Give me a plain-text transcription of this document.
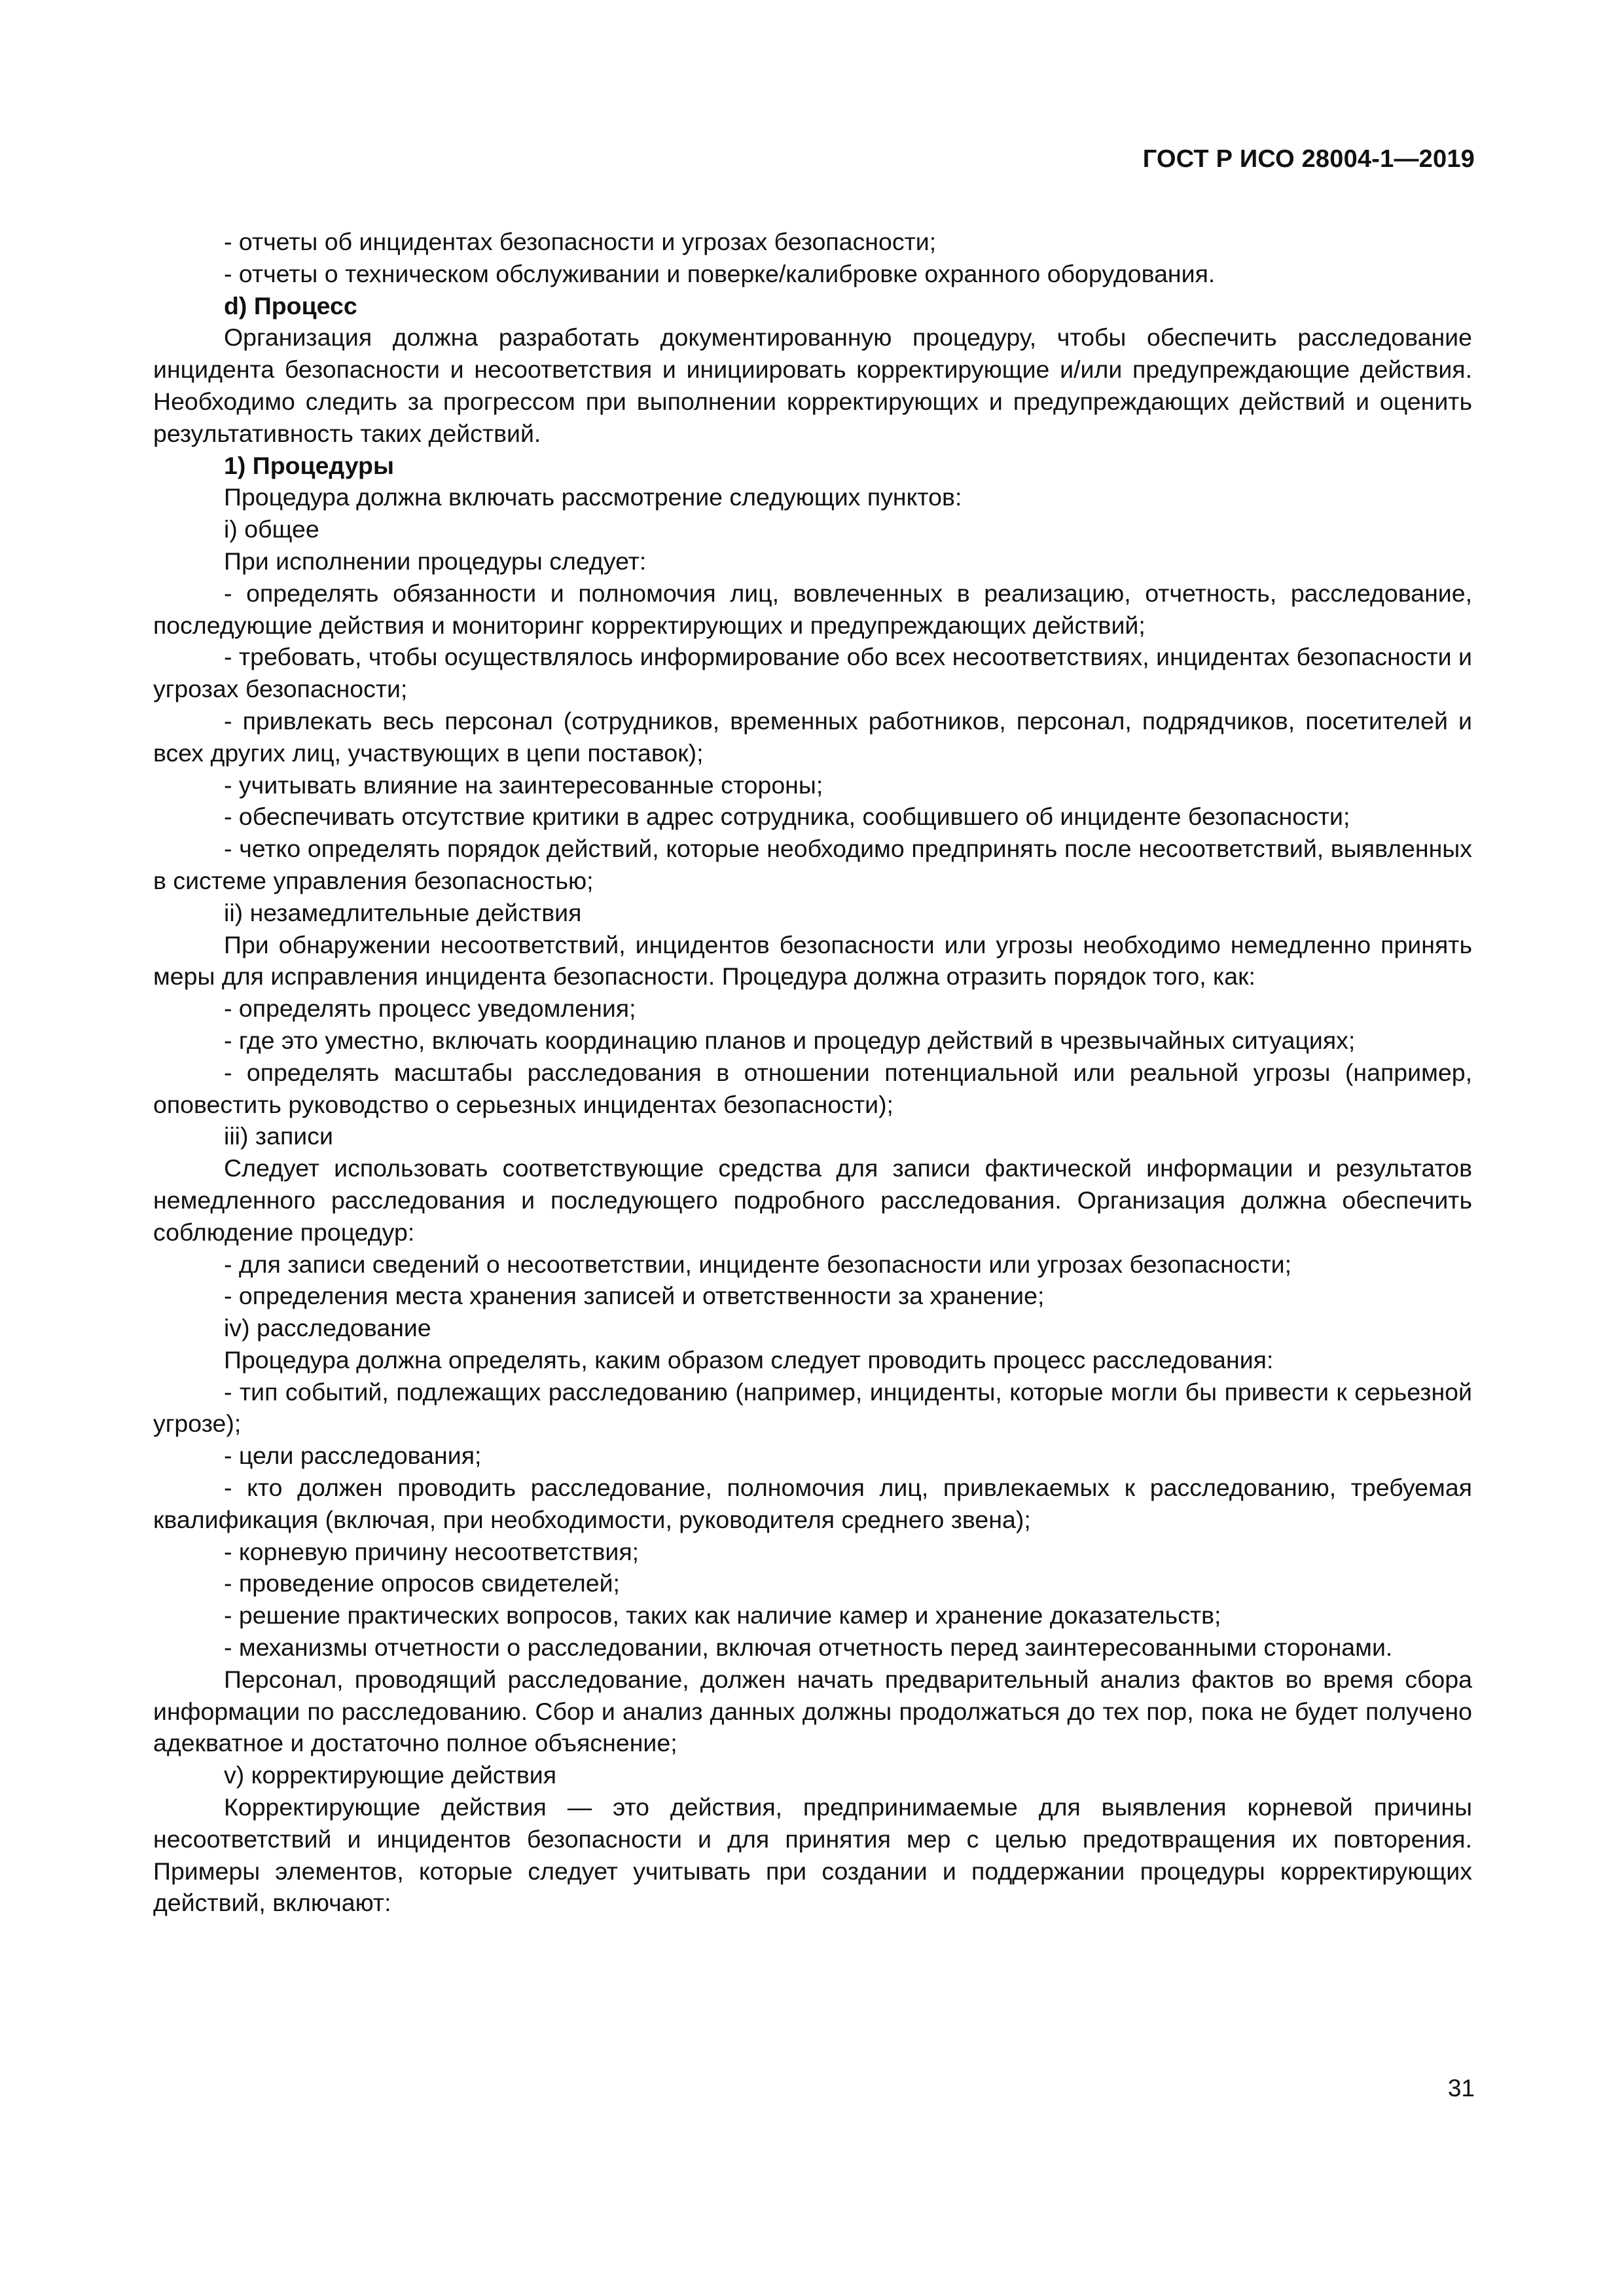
ГОСТ Р ИСО 28004-1—2019

- отчеты об инцидентах безопасности и угрозах безопасности;

- отчеты о техническом обслуживании и поверке/калибровке охранного оборудования.

d) Процесс

Организация должна разработать документированную процедуру, чтобы обеспечить расследование инцидента безопасности и несоответствия и инициировать корректирующие и/или предупреждающие действия. Необходимо следить за прогрессом при выполнении корректирующих и предупреждающих действий и оценить результативность таких действий.

1) Процедуры

Процедура должна включать рассмотрение следующих пунктов:

i) общее

При исполнении процедуры следует:

- определять обязанности и полномочия лиц, вовлеченных в реализацию, отчетность, расследование, последующие действия и мониторинг корректирующих и предупреждающих действий;

- требовать, чтобы осуществлялось информирование обо всех несоответствиях, инцидентах безопасности и угрозах безопасности;

- привлекать весь персонал (сотрудников, временных работников, персонал, подрядчиков, посетителей и всех других лиц, участвующих в цепи поставок);

- учитывать влияние на заинтересованные стороны;

- обеспечивать отсутствие критики в адрес сотрудника, сообщившего об инциденте безопасности;

- четко определять порядок действий, которые необходимо предпринять после несоответствий, выявленных в системе управления безопасностью;

ii) незамедлительные действия

При обнаружении несоответствий, инцидентов безопасности или угрозы необходимо немедленно принять меры для исправления инцидента безопасности. Процедура должна отразить порядок того, как:

- определять процесс уведомления;

- где это уместно, включать координацию планов и процедур действий в чрезвычайных ситуациях;

- определять масштабы расследования в отношении потенциальной или реальной угрозы (например, оповестить руководство о серьезных инцидентах безопасности);

iii) записи

Следует использовать соответствующие средства для записи фактической информации и результатов немедленного расследования и последующего подробного расследования. Организация должна обеспечить соблюдение процедур:

- для записи сведений о несоответствии, инциденте безопасности или угрозах безопасности;

- определения места хранения записей и ответственности за хранение;

iv) расследование

Процедура должна определять, каким образом следует проводить процесс расследования:

- тип событий, подлежащих расследованию (например, инциденты, которые могли бы привести к серьезной угрозе);

- цели расследования;

- кто должен проводить расследование, полномочия лиц, привлекаемых к расследованию, требуемая квалификация (включая, при необходимости, руководителя среднего звена);

- корневую причину несоответствия;

- проведение опросов свидетелей;

- решение практических вопросов, таких как наличие камер и хранение доказательств;

- механизмы отчетности о расследовании, включая отчетность перед заинтересованными сторонами.

Персонал, проводящий расследование, должен начать предварительный анализ фактов во время сбора информации по расследованию. Сбор и анализ данных должны продолжаться до тех пор, пока не будет получено адекватное и достаточно полное объяснение;

v) корректирующие действия

Корректирующие действия — это действия, предпринимаемые для выявления корневой причины несоответствий и инцидентов безопасности и для принятия мер с целью предотвращения их повторения. Примеры элементов, которые следует учитывать при создании и поддержании процедуры корректирующих действий, включают:

31
